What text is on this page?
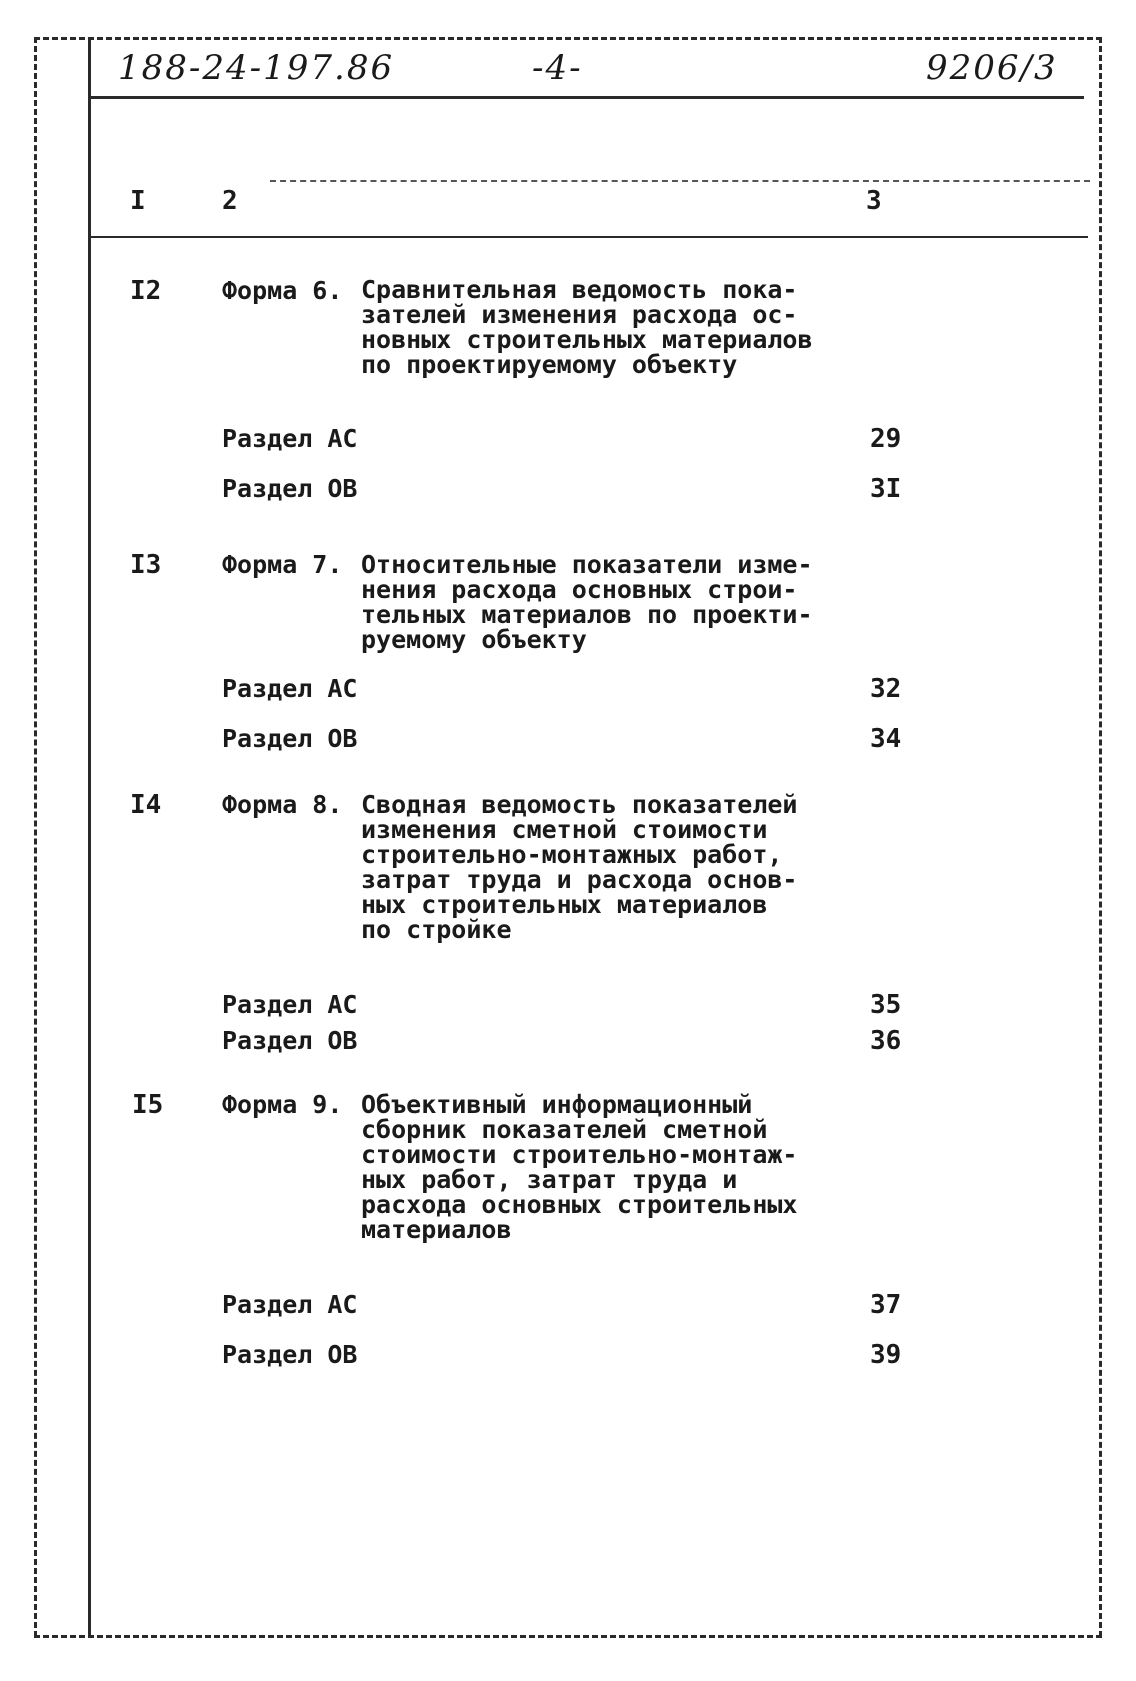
188-24-197.86	-4-	9206/3
I	2	3
I2 Форма 6. Сравнительная ведомость пока-
зателей изменения расхода ос-
новных строительных материалов
по проектируемому объекту
Раздел АС	29
Раздел ОВ	3I
I3 Форма 7. Относительные показатели изме-
нения расхода основных строи-
тельных материалов по проекти-
руемому объекту
Раздел АС	32
Раздел ОВ	34
I4 Форма 8. Сводная ведомость показателей
изменения сметной стоимости
строительно-монтажных работ,
затрат труда и расхода основ-
ных строительных материалов
по стройке
Раздел АС	35
Раздел ОВ	36
I5 Форма 9. Объективный информационный
сборник показателей сметной
стоимости строительно-монтаж-
ных работ, затрат труда и
расхода основных строительных
материалов
Раздел АС	37
Раздел ОВ	39
